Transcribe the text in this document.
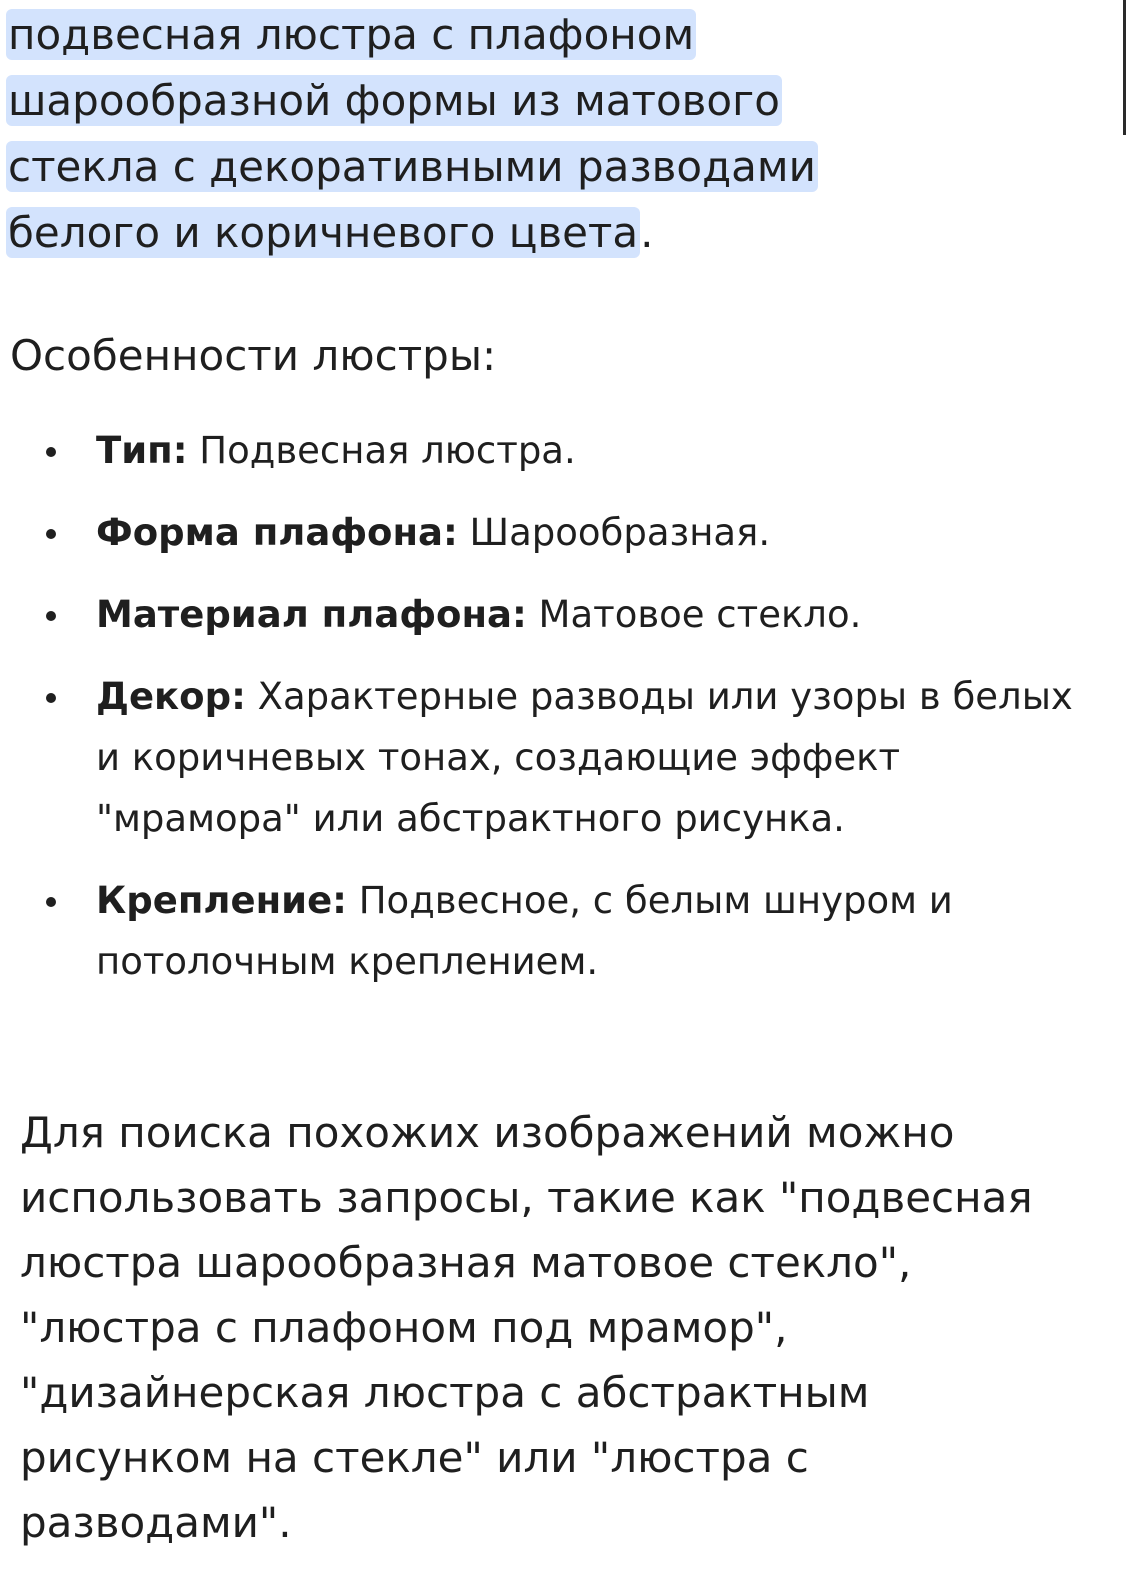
подвесная люстра с плафоном
шарообразной формы из матового
стекла с декоративными разводами
белого и коричневого цвета.
Особенности люстры:
Тип: Подвесная люстра.
Форма плафона: Шарообразная.
Материал плафона: Матовое стекло.
Декор: Характерные разводы или узоры в белых и коричневых тонах, создающие эффект "мрамора" или абстрактного рисунка.
Крепление: Подвесное, с белым шнуром и потолочным креплением.

Для поиска похожих изображений можно использовать запросы, такие как "подвесная люстра шарообразная матовое стекло", "люстра с плафоном под мрамор", "дизайнерская люстра с абстрактным рисунком на стекле" или "люстра с разводами".
